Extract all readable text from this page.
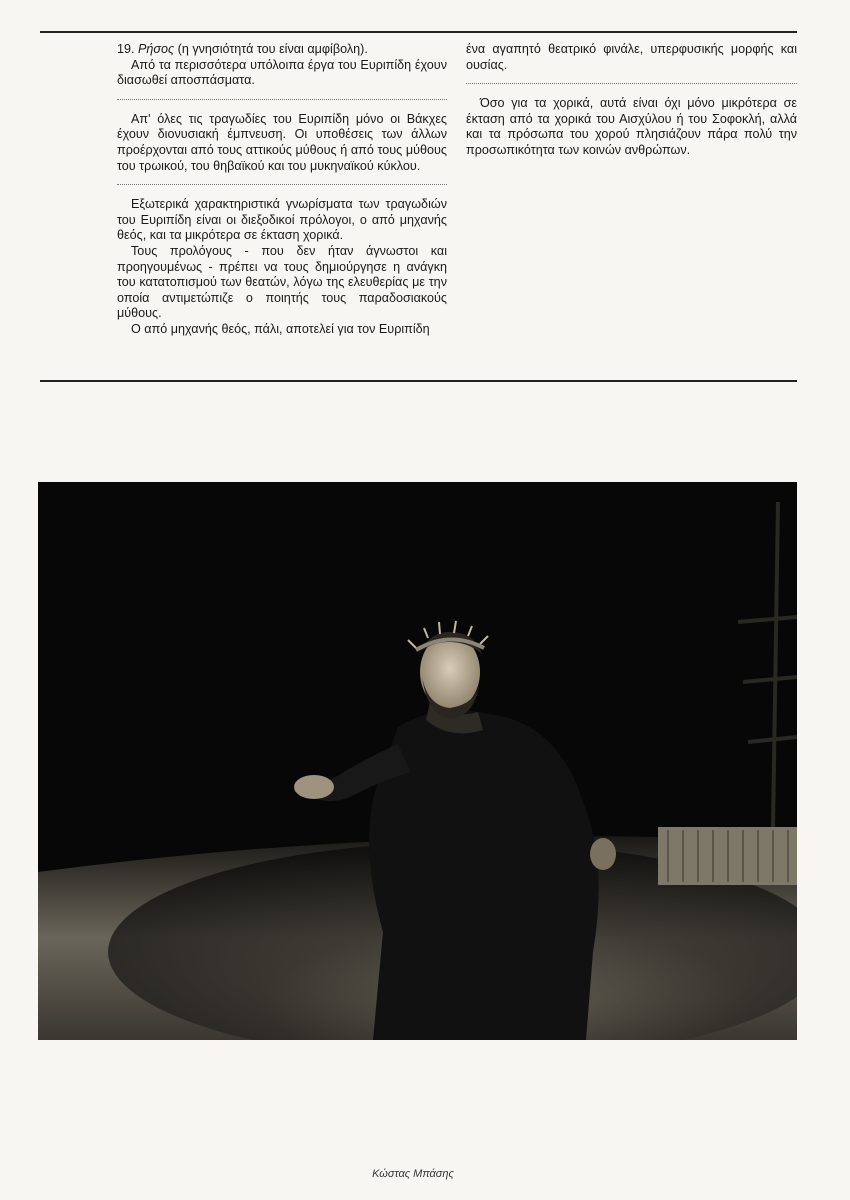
19. Ρήσος (η γνησιότητά του είναι αμφίβολη).

Από τα περισσότερα υπόλοιπα έργα του Ευριπίδη έχουν διασωθεί αποσπάσματα.

Απ' όλες τις τραγωδίες του Ευριπίδη μόνο οι Βάκχες έχουν διονυσιακή έμπνευση. Οι υποθέσεις των άλλων προέρχονται από τους αττικούς μύθους ή από τους μύθους του τρωικού, του θηβαϊκού και του μυκηναϊκού κύκλου.

Εξωτερικά χαρακτηριστικά γνωρίσματα των τραγωδιών του Ευριπίδη είναι οι διεξοδικοί πρόλογοι, ο από μηχανής θεός, και τα μικρότερα σε έκταση χορικά.

Τους προλόγους - που δεν ήταν άγνωστοι και προηγουμένως - πρέπει να τους δημιούργησε η ανάγκη του κατατοπισμού των θεατών, λόγω της ελευθερίας με την οποία αντιμετώπιζε ο ποιητής τους παραδοσιακούς μύθους.

Ο από μηχανής θεός, πάλι, αποτελεί για τον Ευριπίδη

ένα αγαπητό θεατρικό φινάλε, υπερφυσικής μορφής και ουσίας.

Όσο για τα χορικά, αυτά είναι όχι μόνο μικρότερα σε έκταση από τα χορικά του Αισχύλου ή του Σοφοκλή, αλλά και τα πρόσωπα του χορού πλησιάζουν πάρα πολύ την προσωπικότητα των κοινών ανθρώπων.

Κώστας Μπάσης
